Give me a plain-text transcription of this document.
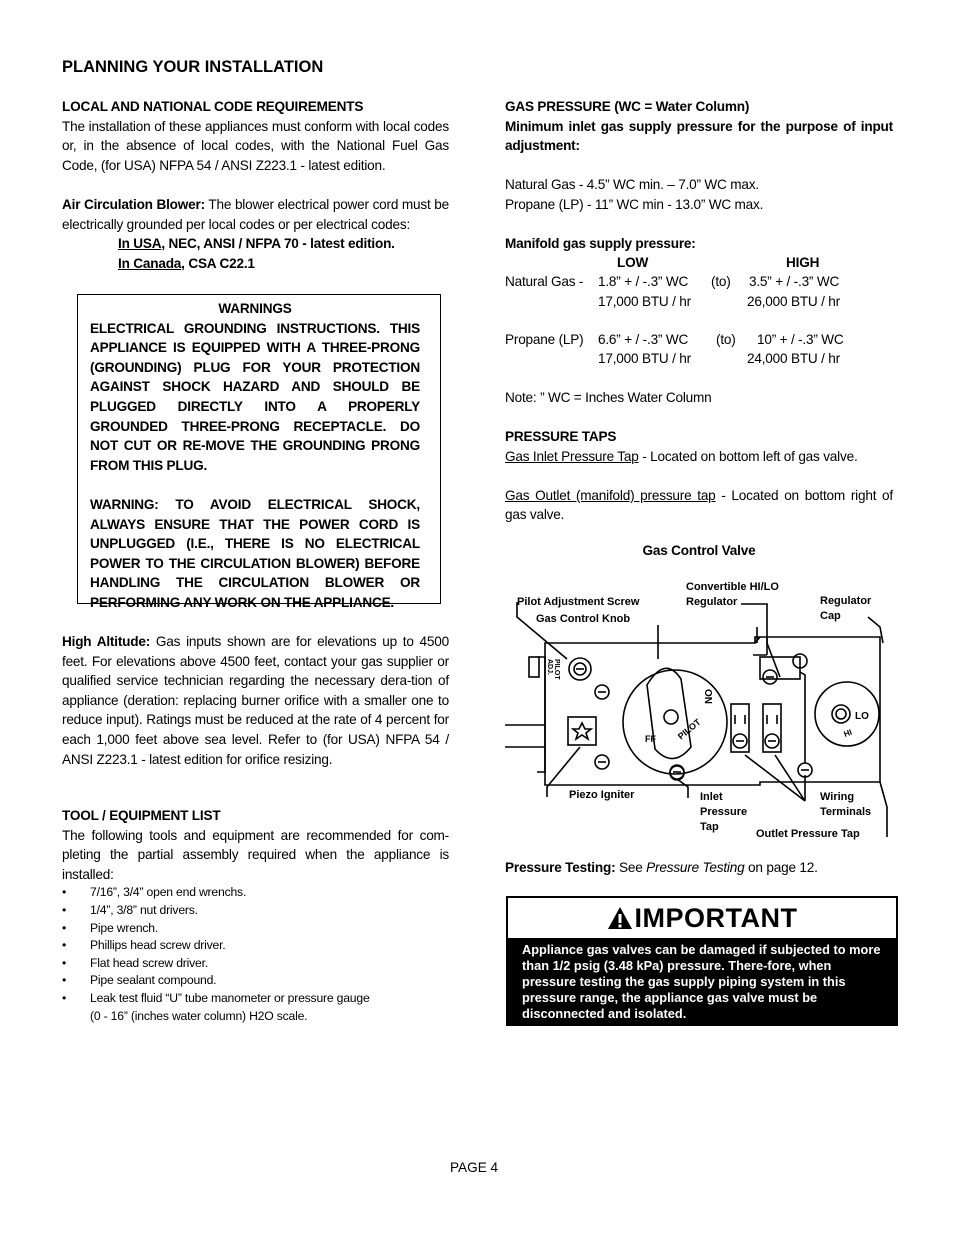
PLANNING YOUR INSTALLATION

LOCAL AND NATIONAL CODE REQUIREMENTS

The installation of these appliances must conform with local codes or, in the absence of local codes, with the National Fuel Gas Code, (for USA) NFPA 54 / ANSI Z223.1 - latest edition.

Air Circulation Blower: The blower electrical power cord must be electrically grounded per local codes or per electrical codes:

In USA, NEC, ANSI / NFPA 70 - latest edition.

In Canada, CSA C22.1

WARNINGS
ELECTRICAL GROUNDING INSTRUCTIONS. THIS APPLIANCE IS EQUIPPED WITH A THREE-PRONG (GROUNDING) PLUG FOR YOUR PROTECTION AGAINST SHOCK HAZARD AND SHOULD BE PLUGGED DIRECTLY INTO A PROPERLY GROUNDED THREE-PRONG RECEPTACLE. DO NOT CUT OR RE-MOVE THE GROUNDING PRONG FROM THIS PLUG.
WARNING: TO AVOID ELECTRICAL SHOCK, ALWAYS ENSURE THAT THE POWER CORD IS UNPLUGGED (I.E., THERE IS NO ELECTRICAL POWER TO THE CIRCULATION BLOWER) BEFORE HANDLING THE CIRCULATION BLOWER OR PERFORMING ANY WORK ON THE APPLIANCE.
High Altitude: Gas inputs shown are for elevations up to 4500 feet. For elevations above 4500 feet, contact your gas supplier or qualified service technician regarding the necessary dera-tion of appliance (deration: replacing burner orifice with a smaller one to reduce input). Ratings must be reduced at the rate of 4 percent for each 1,000 feet above sea level. Refer to (for USA) NFPA 54 / ANSI Z223.1 - latest edition for orifice resizing.

TOOL / EQUIPMENT LIST

The following tools and equipment are recommended for com-pleting the partial assembly required when the appliance is installed:

• 7/16”, 3/4” open end wrenchs.
• 1/4”, 3/8” nut drivers.
• Pipe wrench.
• Phillips head screw driver.
• Flat head screw driver.
• Pipe sealant compound.
• Leak test fluid “U” tube manometer or pressure gauge
(0 - 16” (inches water column) H2O scale.

GAS PRESSURE (WC = Water Column)

Minimum inlet gas supply pressure for the purpose of input adjustment:

Natural Gas - 4.5” WC min. – 7.0” WC max.

Propane (LP) - 11” WC min - 13.0” WC max.

Manifold gas supply pressure:

LOW	HIGH
Natural Gas - 1.8” + / -.3” WC (to) 3.5” + / -.3” WC
17,000 BTU / hr	26,000 BTU / hr
Propane (LP) 6.6” + / -.3” WC (to) 10” + / -.3” WC
17,000 BTU / hr	24,000 BTU / hr
Note: ” WC = Inches Water Column

PRESSURE TAPS

Gas Inlet Pressure Tap - Located on bottom left of gas valve.

Gas Outlet (manifold) pressure tap - Located on bottom right of gas valve.

Gas Control Valve
PILOT
ADJ.
ON
PILOT
FF
LO
HI
Pilot Adjustment Screw
Gas Control Knob
Convertible HI/LO
Regulator	Regulator
Cap
Piezo Igniter	Inlet
Pressure
Tap
Wiring
Terminals
Outlet Pressure Tap
Pressure Testing: See Pressure Testing on page 12.
IMPORTANT
Appliance gas valves can be damaged if subjected to more than 1/2 psig (3.48 kPa) pressure. There-fore, when pressure testing the gas supply piping system in this pressure range, the appliance gas valve must be disconnected and isolated.
PAGE 4
